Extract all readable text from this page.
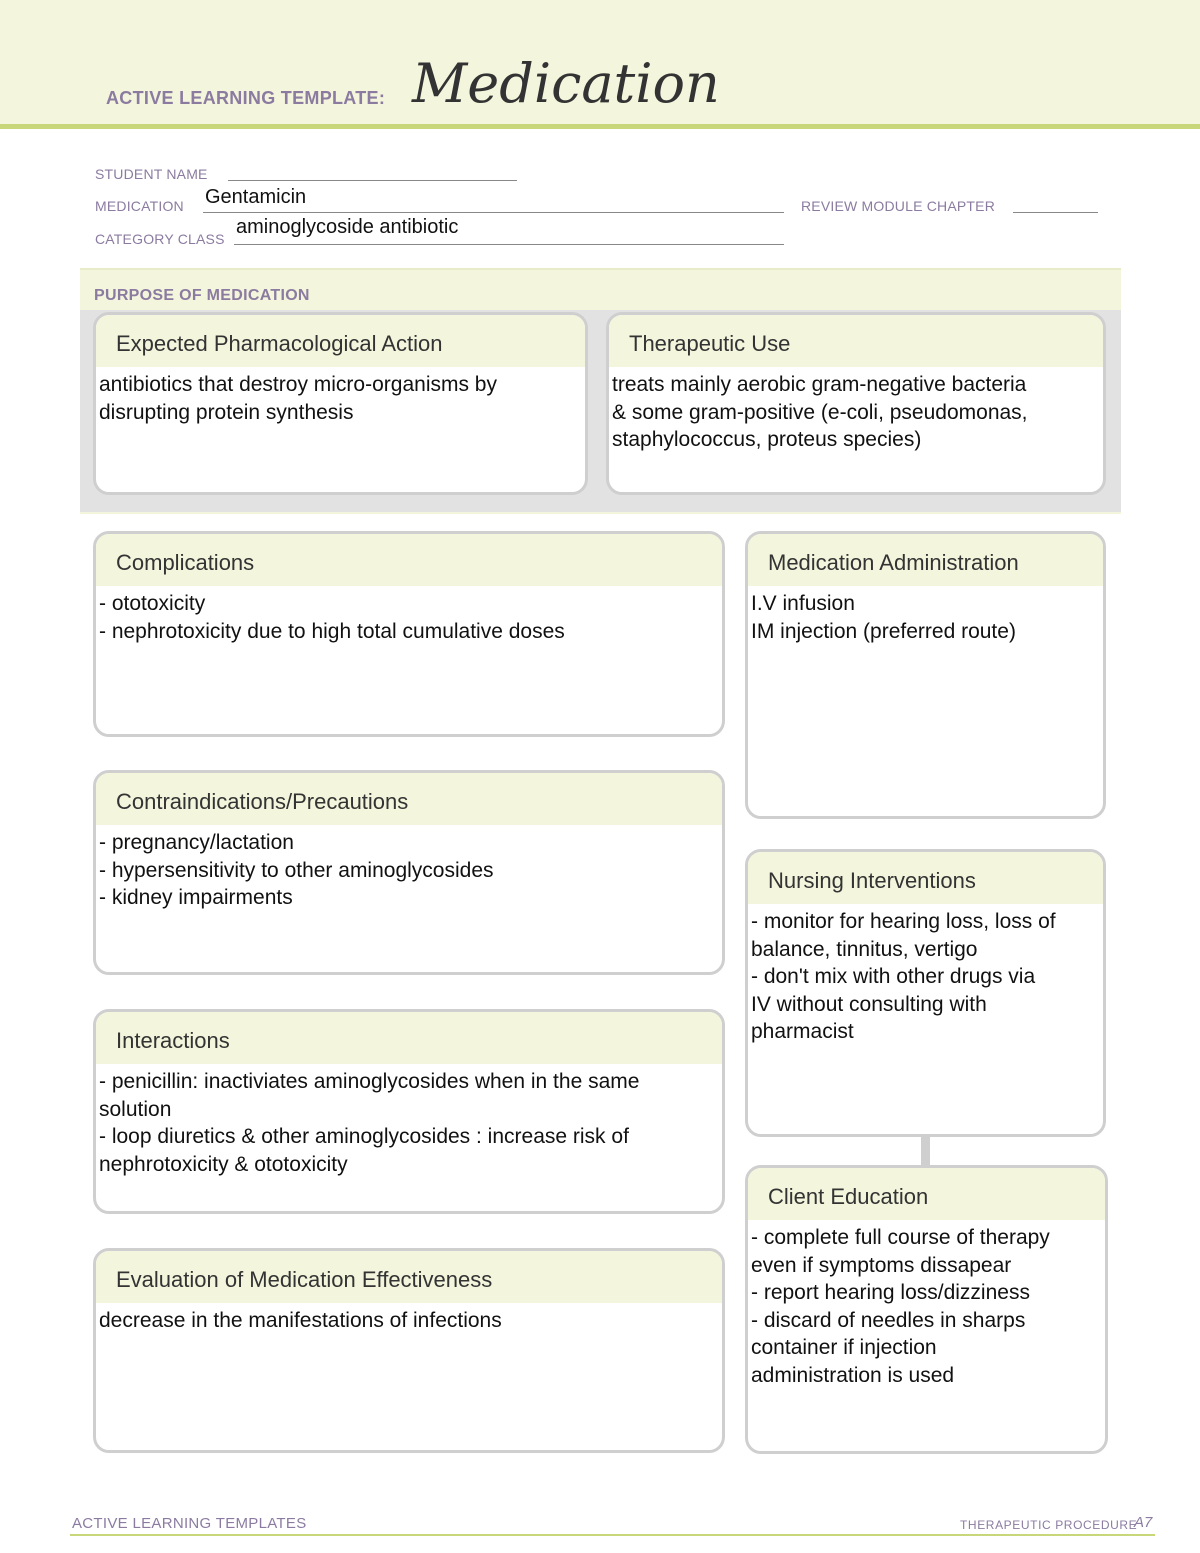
ACTIVE LEARNING TEMPLATE: Medication
STUDENT NAME
MEDICATION Gentamicin	REVIEW MODULE CHAPTER
CATEGORY CLASS
aminoglycoside antibiotic
PURPOSE OF MEDICATION
Expected Pharmacological Action
antibiotics that destroy micro-organisms by
disrupting protein synthesis
Therapeutic Use
treats mainly aerobic gram-negative bacteria
& some gram-positive (e-coli, pseudomonas,
staphylococcus, proteus species)
Complications
- ototoxicity
- nephrotoxicity due to high total cumulative doses
Contraindications/Precautions
- pregnancy/lactation
- hypersensitivity to other aminoglycosides
- kidney impairments
Interactions
- penicillin: inactiviates aminoglycosides when in the same
solution
- loop diuretics & other aminoglycosides : increase risk of
nephrotoxicity & ototoxicity
Evaluation of Medication Effectiveness
decrease in the manifestations of infections
Medication Administration
I.V infusion
IM injection (preferred route)
Nursing Interventions
- monitor for hearing loss, loss of
balance, tinnitus, vertigo
- don't mix with other drugs via
IV without consulting with
pharmacist
Client Education
- complete full course of therapy
even if symptoms dissapear
- report hearing loss/dizziness
- discard of needles in sharps
container if injection
administration is used
ACTIVE LEARNING TEMPLATES	THERAPEUTIC PROCEDURE
A7
